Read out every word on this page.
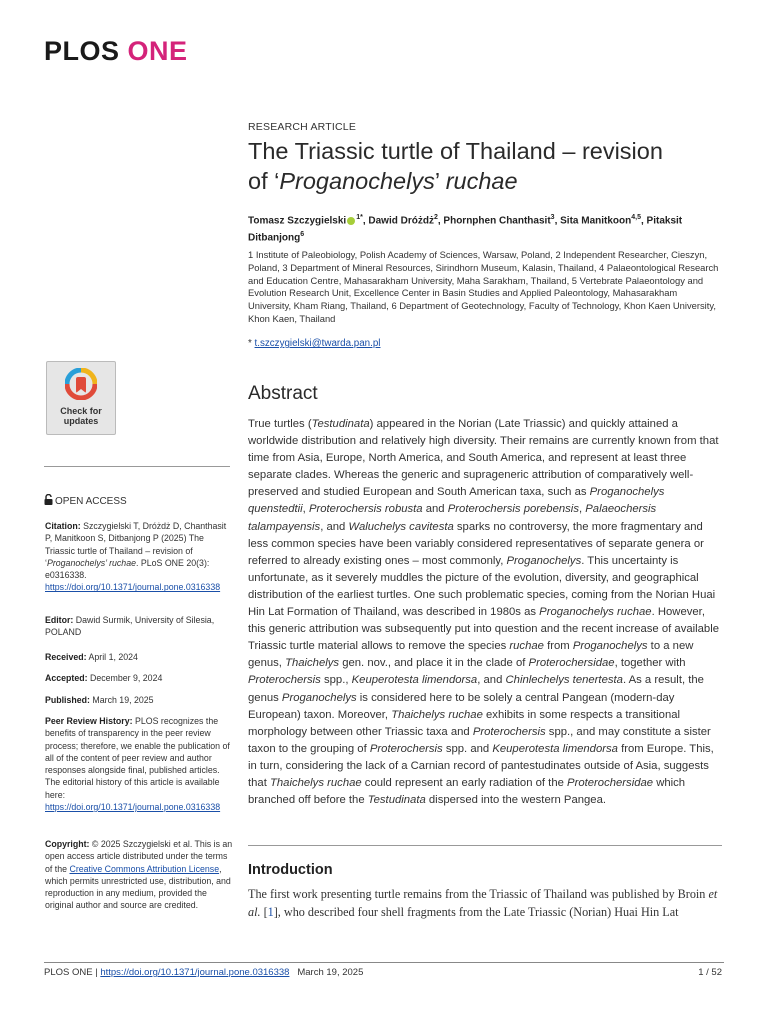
PLOS ONE
RESEARCH ARTICLE
The Triassic turtle of Thailand – revision
of ‘Proganochelys’ ruchae
Tomasz Szczygielski $^{1*}$, Dawid Dróżdż$^2$, Phornphen Chanthasit$^3$, Sita Manitkoon$^{4,5}$, Pitaksit Ditbanjong$^6$
1 Institute of Paleobiology, Polish Academy of Sciences, Warsaw, Poland, 2 Independent Researcher, Cieszyn, Poland, 3 Department of Mineral Resources, Sirindhorn Museum, Kalasin, Thailand, 4 Palaeontological Research and Education Centre, Mahasarakham University, Maha Sarakham, Thailand, 5 Vertebrate Palaeontology and Evolution Research Unit, Excellence Center in Basin Studies and Applied Paleontology, Mahasarakham University, Kham Riang, Thailand, 6 Department of Geotechnology, Faculty of Technology, Khon Kaen University, Khon Kaen, Thailand
* t.szczygielski@twarda.pan.pl
Abstract
True turtles (Testudinata) appeared in the Norian (Late Triassic) and quickly attained a worldwide distribution and relatively high diversity. Their remains are currently known from that time from Asia, Europe, North America, and South America, and represent at least three separate clades. Whereas the generic and suprageneric attribution of comparatively well-preserved and studied European and South American taxa, such as Proganochelys quenstedtii, Proterochersis robusta and Proterochersis porebensis, Palaeochersis talampayensis, and Waluchelys cavitesta sparks no controversy, the more fragmentary and less common species have been variably considered representatives of separate genera or referred to already existing ones – most commonly, Proganochelys. This uncertainty is unfortunate, as it severely muddles the picture of the evolution, diversity, and geographical distribution of the earliest turtles. One such problematic species, coming from the Norian Huai Hin Lat Formation of Thailand, was described in 1980s as Proganochelys ruchae. However, this generic attribution was subsequently put into question and the recent increase of available Triassic turtle material allows to remove the species ruchae from Proganochelys to a new genus, Thaichelys gen. nov., and place it in the clade of Proterochersidae, together with Proterochersis spp., Keuperotesta limendorsa, and Chinlechelys tenertesta. As a result, the genus Proganochelys is considered here to be solely a central Pangean (modern-day European) taxon. Moreover, Thaichelys ruchae exhibits in some respects a transitional morphology between other Triassic taxa and Proterochersis spp., and may constitute a sister taxon to the grouping of Proterochersis spp. and Keuperotesta limendorsa from Europe. This, in turn, considering the lack of a Carnian record of pantestudinates outside of Asia, suggests that Thaichelys ruchae could represent an early radiation of the Proterochersidae which branched off before the Testudinata dispersed into the western Pangea.
Introduction
The first work presenting turtle remains from the Triassic of Thailand was published by Broin et al. [1], who described four shell fragments from the Late Triassic (Norian) Huai Hin Lat
Check for
updates
OPEN ACCESS
Citation: Szczygielski T, Dróżdż D, Chanthasit P, Manitkoon S, Ditbanjong P (2025) The Triassic turtle of Thailand – revision of ‘Proganochelys’ ruchae. PLoS ONE 20(3): e0316338. https://doi.org/10.1371/journal.pone.0316338
Editor: Dawid Surmik, University of Silesia, POLAND
Received: April 1, 2024
Accepted: December 9, 2024
Published: March 19, 2025
Peer Review History: PLOS recognizes the benefits of transparency in the peer review process; therefore, we enable the publication of all of the content of peer review and author responses alongside final, published articles. The editorial history of this article is available here: https://doi.org/10.1371/journal.pone.0316338
Copyright: © 2025 Szczygielski et al. This is an open access article distributed under the terms of the Creative Commons Attribution License, which permits unrestricted use, distribution, and reproduction in any medium, provided the original author and source are credited.
PLOS ONE | https://doi.org/10.1371/journal.pone.0316338 March 19, 2025	1 / 52
